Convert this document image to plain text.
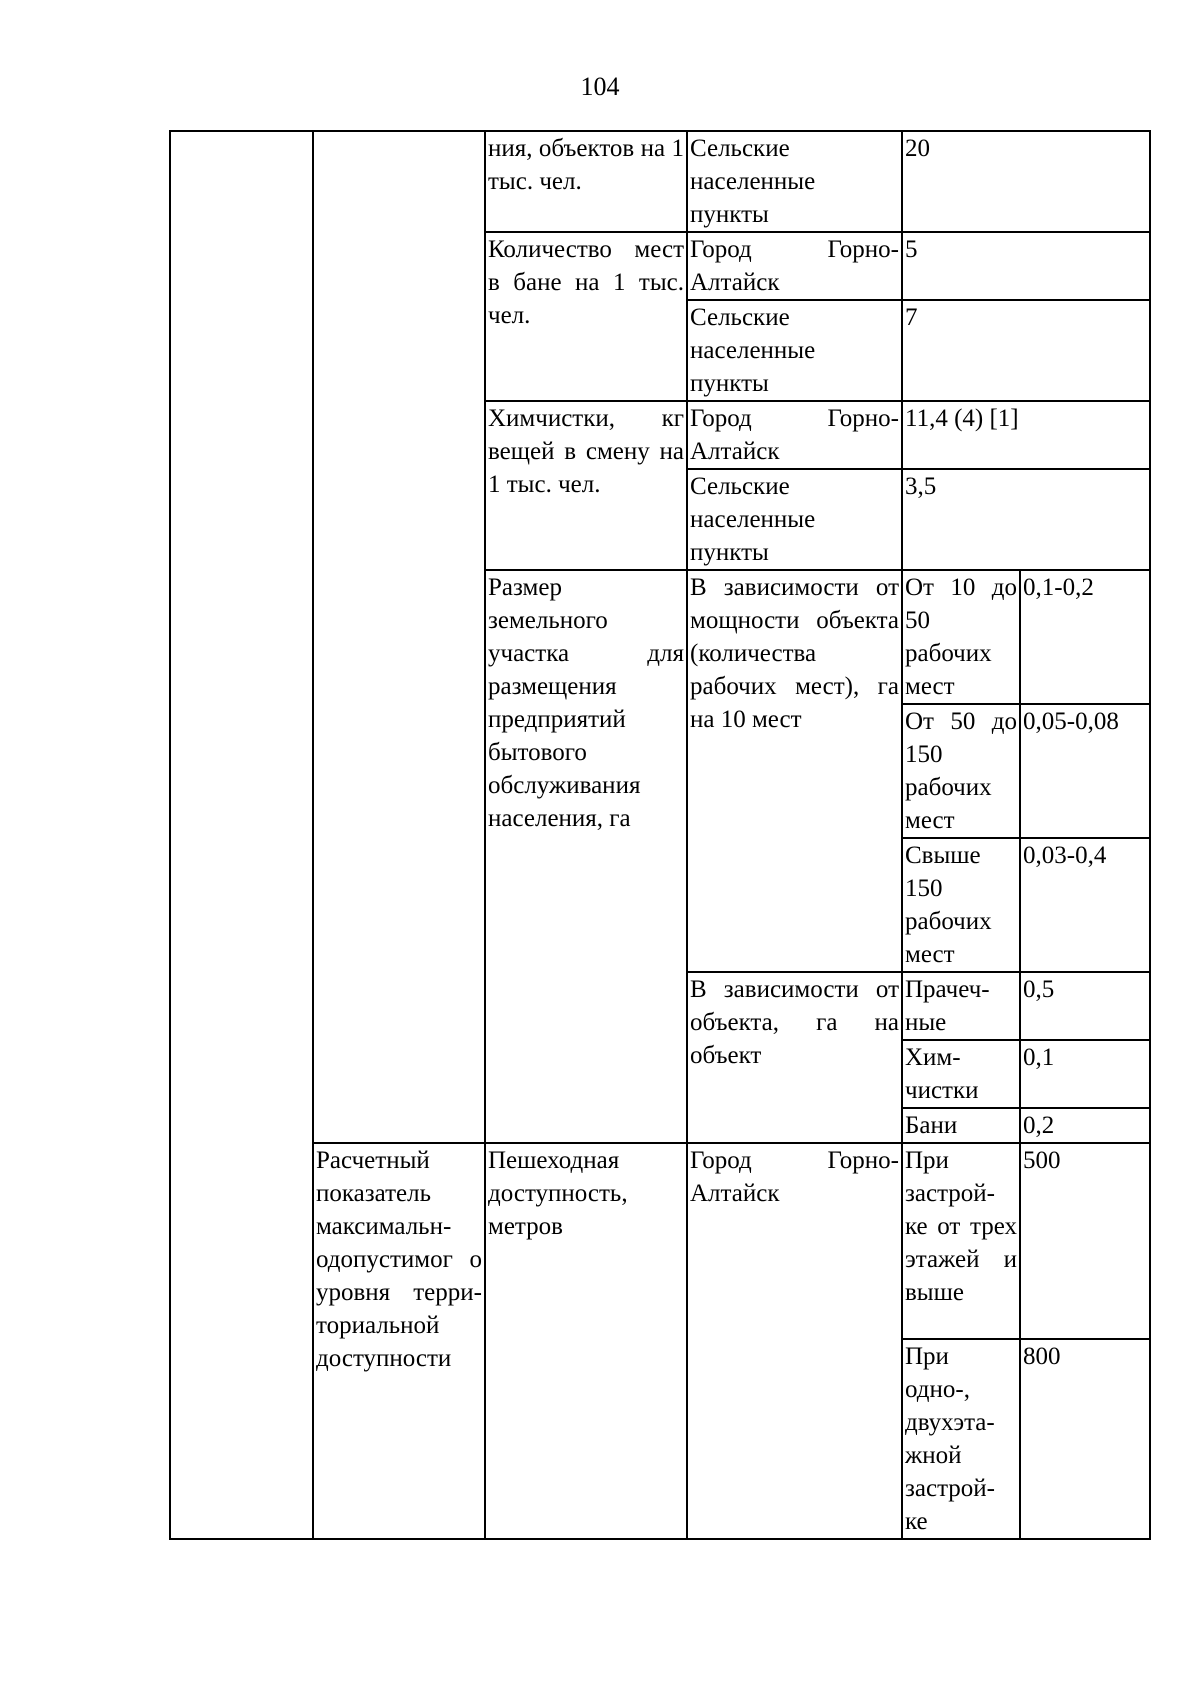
104
		ния, объектов на 1 тыс. чел.	Сельские населенные пункты	20	
		Количество мест в бане на 1 тыс. чел.	Город Горно-Алтайск	5	
			Сельские населенные пункты	7	
		Химчистки, кг вещей в смену на 1 тыс. чел.	Город Горно-Алтайск	11,4 (4) [1]	
			Сельские населенные пункты	3,5	
		Размер земельного участка для размещения предприятий бытового обслуживания населения, га	В зависимости от мощности объекта (количества рабочих мест), га на 10 мест	От 10 до 50 рабочих мест	0,1-0,2
				От 50 до 150 рабочих мест	0,05-0,08
				Свыше 150 рабочих мест	0,03-0,4

			В зависимости от объекта, га на объект	Прачеч-ные	0,5
				Хим-чистки	0,1
				Бани	0,2
	Расчетный показатель максимальн-одопустимог о уровня терри-ториальной доступности	Пешеходная доступность, метров	Город Горно-Алтайск	При застрой-ке от трех этажей и выше	500
				При одно-, двухэта-жной застрой-ке	800
